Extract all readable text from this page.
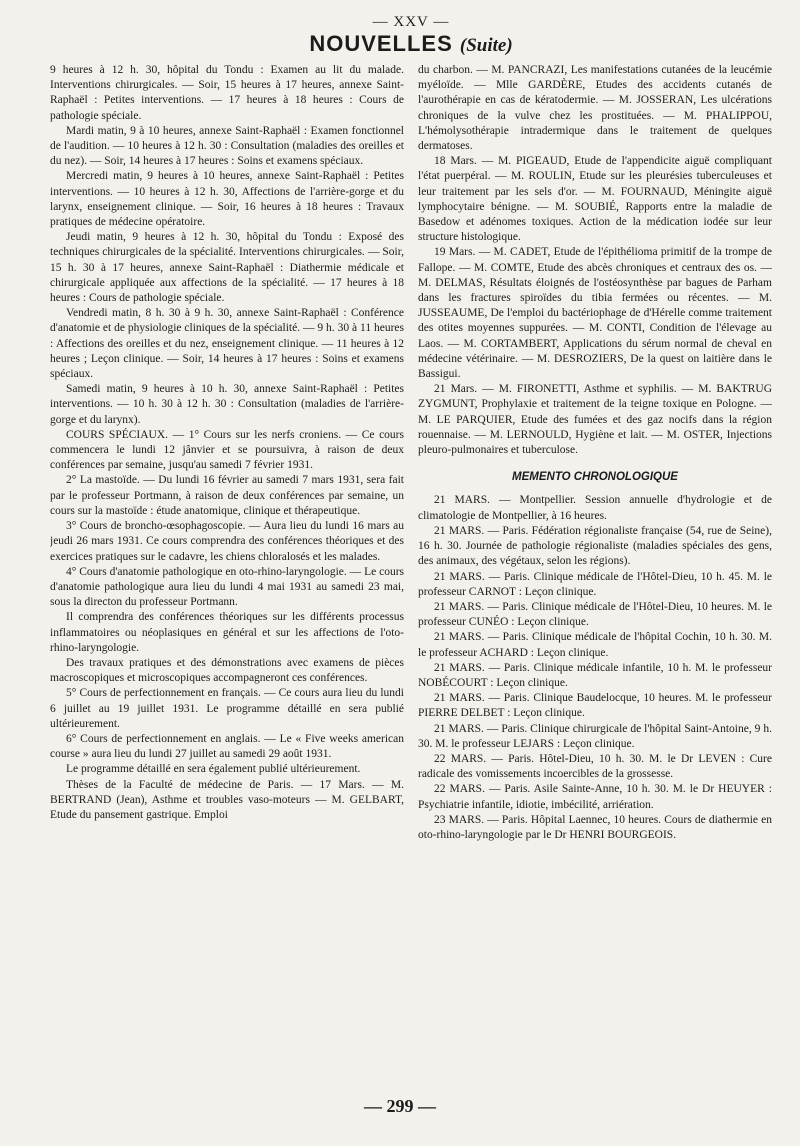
— XXV —
NOUVELLES (Suite)

9 heures à 12 h. 30, hôpital du Tondu : Examen au lit du malade. Interventions chirurgicales. — Soir, 15 heures à 17 heures, annexe Saint-Raphaël : Petites interventions. — 17 heures à 18 heures : Cours de pathologie spéciale.

Mardi matin, 9 à 10 heures, annexe Saint-Raphaël : Examen fonctionnel de l'audition. — 10 heures à 12 h. 30 : Consultation (maladies des oreilles et du nez). — Soir, 14 heures à 17 heures : Soins et examens spéciaux.

Mercredi matin, 9 heures à 10 heures, annexe Saint-Raphaël : Petites interventions. — 10 heures à 12 h. 30, Affections de l'arrière-gorge et du larynx, enseignement clinique. — Soir, 16 heures à 18 heures : Travaux pratiques de médecine opératoire.

Jeudi matin, 9 heures à 12 h. 30, hôpital du Tondu : Exposé des techniques chirurgicales de la spécialité. Interventions chirurgicales. — Soir, 15 h. 30 à 17 heures, annexe Saint-Raphaël : Diathermie médicale et chirurgicale appliquée aux affections de la spécialité. — 17 heures à 18 heures : Cours de pathologie spéciale.

Vendredi matin, 8 h. 30 à 9 h. 30, annexe Saint-Raphaël : Conférence d'anatomie et de physiologie cliniques de la spécialité. — 9 h. 30 à 11 heures : Affections des oreilles et du nez, enseignement clinique. — 11 heures à 12 heures ; Leçon clinique. — Soir, 14 heures à 17 heures : Soins et examens spéciaux.

Samedi matin, 9 heures à 10 h. 30, annexe Saint-Raphaël : Petites interventions. — 10 h. 30 à 12 h. 30 : Consultation (maladies de l'arrière-gorge et du larynx).

COURS SPÉCIAUX. — 1° Cours sur les nerfs croniens. — Ce cours commencera le lundi 12 jânvier et se poursuivra, à raison de deux conférences par semaine, jusqu'au samedi 7 février 1931.

2° La mastoïde. — Du lundi 16 février au samedi 7 mars 1931, sera fait par le professeur Portmann, à raison de deux conférences par semaine, un cours sur la mastoïde : étude anatomique, clinique et thérapeutique.

3° Cours de broncho-œsophagoscopie. — Aura lieu du lundi 16 mars au jeudi 26 mars 1931. Ce cours comprendra des conférences théoriques et des exercices pratiques sur le cadavre, les chiens chloralosés et les malades.

4° Cours d'anatomie pathologique en oto-rhino-laryngologie. — Le cours d'anatomie pathologique aura lieu du lundi 4 mai 1931 au samedi 23 mai, sous la directon du professeur Portmann.

Il comprendra des conférences théoriques sur les différents processus inflammatoires ou néoplasiques en général et sur les affections de l'oto-rhino-laryngologie.

Des travaux pratiques et des démonstrations avec examens de pièces macroscopiques et microscopiques accompagneront ces conférences.

5° Cours de perfectionnement en français. — Ce cours aura lieu du lundi 6 juillet au 19 juillet 1931. Le programme détaillé en sera publié ultérieurement.

6° Cours de perfectionnement en anglais. — Le « Five weeks american course » aura lieu du lundi 27 juillet au samedi 29 août 1931.

Le programme détaillé en sera également publié ultérieurement.

Thèses de la Faculté de médecine de Paris. — 17 Mars. — M. BERTRAND (Jean), Asthme et troubles vaso-moteurs — M. GELBART, Etude du pansement gastrique. Emploi

du charbon. — M. PANCRAZI, Les manifestations cutanées de la leucémie myéloïde. — Mlle GARDÈRE, Etudes des accidents cutanés de l'aurothérapie en cas de kératodermie. — M. JOSSERAN, Les ulcérations chroniques de la vulve chez les prostituées. — M. PHALIPPOU, L'hémolysothérapie intradermique dans le traitement de quelques dermatoses.

18 Mars. — M. PIGEAUD, Etude de l'appendicite aiguë compliquant l'état puerpéral. — M. ROULIN, Etude sur les pleurésies tuberculeuses et leur traitement par les sels d'or. — M. FOURNAUD, Méningite aiguë lymphocytaire bénigne. — M. SOUBIÉ, Rapports entre la maladie de Basedow et adénomes toxiques. Action de la médication iodée sur leur structure histologique.

19 Mars. — M. CADET, Etude de l'épithélioma primitif de la trompe de Fallope. — M. COMTE, Etude des abcès chroniques et centraux des os. — M. DELMAS, Résultats éloignés de l'ostéosynthèse par bagues de Parham dans les fractures spiroïdes du tibia fermées ou récentes. — M. JUSSEAUME, De l'emploi du bactériophage de d'Hérelle comme traitement des otites moyennes suppurées. — M. CONTI, Condition de l'élevage au Laos. — M. CORTAMBERT, Applications du sérum normal de cheval en médecine vétérinaire. — M. DESROZIERS, De la quest on laitière dans le Bassigui.

21 Mars. — M. FIRONETTI, Asthme et syphilis. — M. BAKTRUG ZYGMUNT, Prophylaxie et traitement de la teigne toxique en Pologne. — M. LE PARQUIER, Etude des fumées et des gaz nocifs dans la région rouennaise. — M. LERNOULD, Hygiène et lait. — M. OSTER, Injections pleuro-pulmonaires et tuberculose.

MEMENTO CHRONOLOGIQUE

21 MARS. — Montpellier. Session annuelle d'hydrologie et de climatologie de Montpellier, à 16 heures.

21 MARS. — Paris. Fédération régionaliste française (54, rue de Seine), 16 h. 30. Journée de pathologie régionaliste (maladies spéciales des gens, des animaux, des végétaux, selon les régions).

21 MARS. — Paris. Clinique médicale de l'Hôtel-Dieu, 10 h. 45. M. le professeur CARNOT : Leçon clinique.

21 MARS. — Paris. Clinique médicale de l'Hôtel-Dieu, 10 heures. M. le professeur CUNÉO : Leçon clinique.

21 MARS. — Paris. Clinique médicale de l'hôpital Cochin, 10 h. 30. M. le professeur ACHARD : Leçon clinique.

21 MARS. — Paris. Clinique médicale infantile, 10 h. M. le professeur NOBÉCOURT : Leçon clinique.

21 MARS. — Paris. Clinique Baudelocque, 10 heures. M. le professeur PIERRE DELBET : Leçon clinique.

21 MARS. — Paris. Clinique chirurgicale de l'hôpital Saint-Antoine, 9 h. 30. M. le professeur LEJARS : Leçon clinique.

22 MARS. — Paris. Hôtel-Dieu, 10 h. 30. M. le Dr LEVEN : Cure radicale des vomissements incoercibles de la grossesse.

22 MARS. — Paris. Asile Sainte-Anne, 10 h. 30. M. le Dr HEUYER : Psychiatrie infantile, idiotie, imbécilité, arriération.

23 MARS. — Paris. Hôpital Laennec, 10 heures. Cours de diathermie en oto-rhino-laryngologie par le Dr HENRI BOURGEOIS.

— 299 —
